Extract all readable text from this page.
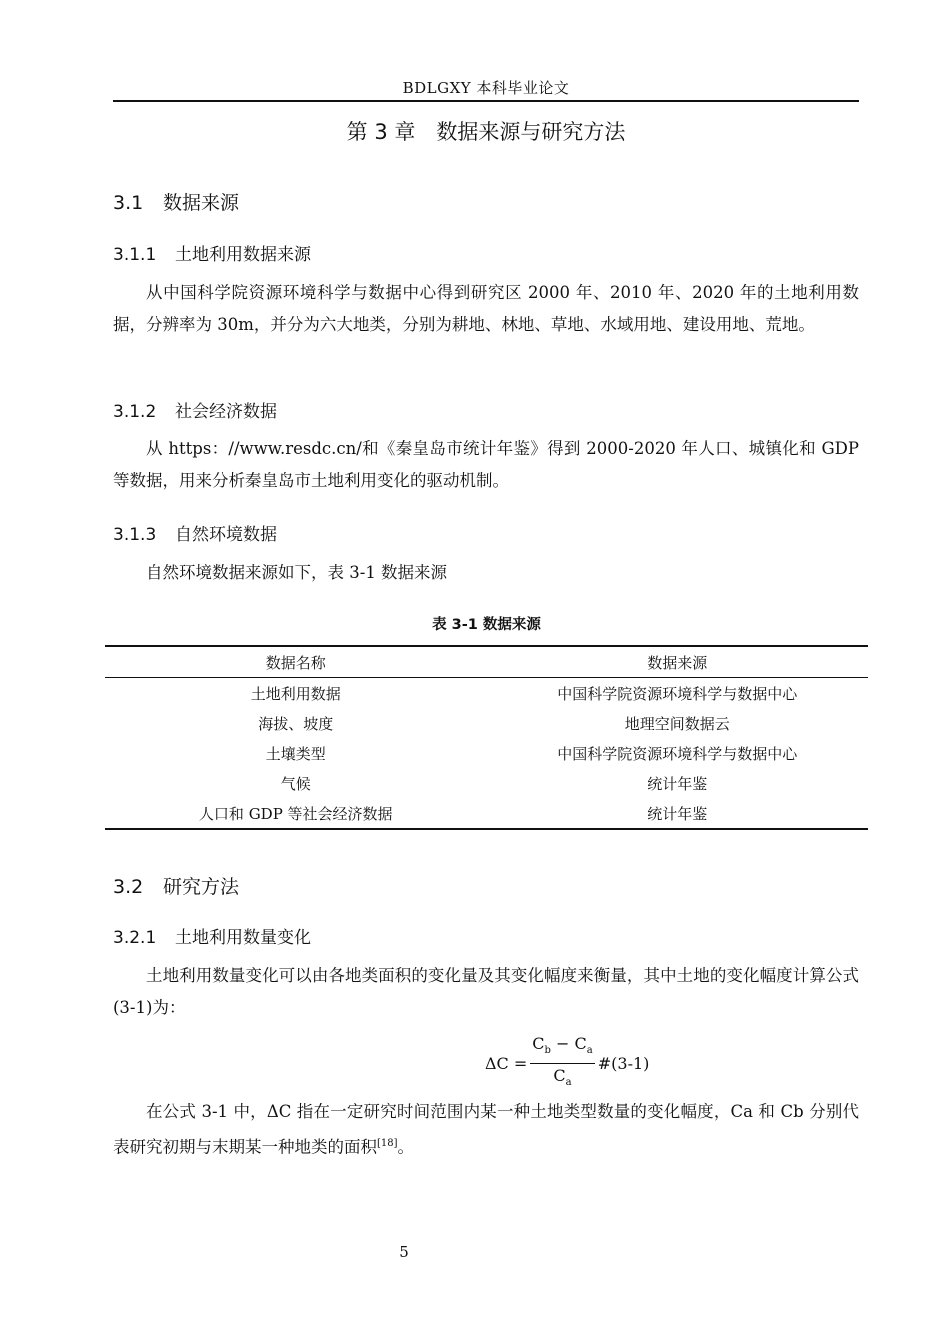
BDLGXY 本科毕业论文
第 3 章　数据来源与研究方法
3.1 数据来源
3.1.1 土地利用数据来源

从中国科学院资源环境科学与数据中心得到研究区 2000 年、2010 年、2020 年的土地利用数据，分辨率为 30m，并分为六大地类，分别为耕地、林地、草地、水域用地、建设用地、荒地。

3.1.2 社会经济数据

从 https：//www.resdc.cn/和《秦皇岛市统计年鉴》得到 2000-2020 年人口、城镇化和 GDP 等数据，用来分析秦皇岛市土地利用变化的驱动机制。

3.1.3 自然环境数据

自然环境数据来源如下，表 3-1 数据来源

表 3-1 数据来源
数据名称	数据来源
土地利用数据	中国科学院资源环境科学与数据中心
海拔、坡度	地理空间数据云
土壤类型	中国科学院资源环境科学与数据中心
气候	统计年鉴
人口和 GDP 等社会经济数据	统计年鉴
3.2 研究方法
3.2.1 土地利用数量变化

土地利用数量变化可以由各地类面积的变化量及其变化幅度来衡量，其中土地的变化幅度计算公式(3-1)为：

$\Delta C = \frac{C_b - C_a}{C_a}$ #(3-1)

在公式 3-1 中，ΔC 指在一定研究时间范围内某一种土地类型数量的变化幅度，Ca 和 Cb 分别代表研究初期与末期某一种地类的面积[18]。

5
